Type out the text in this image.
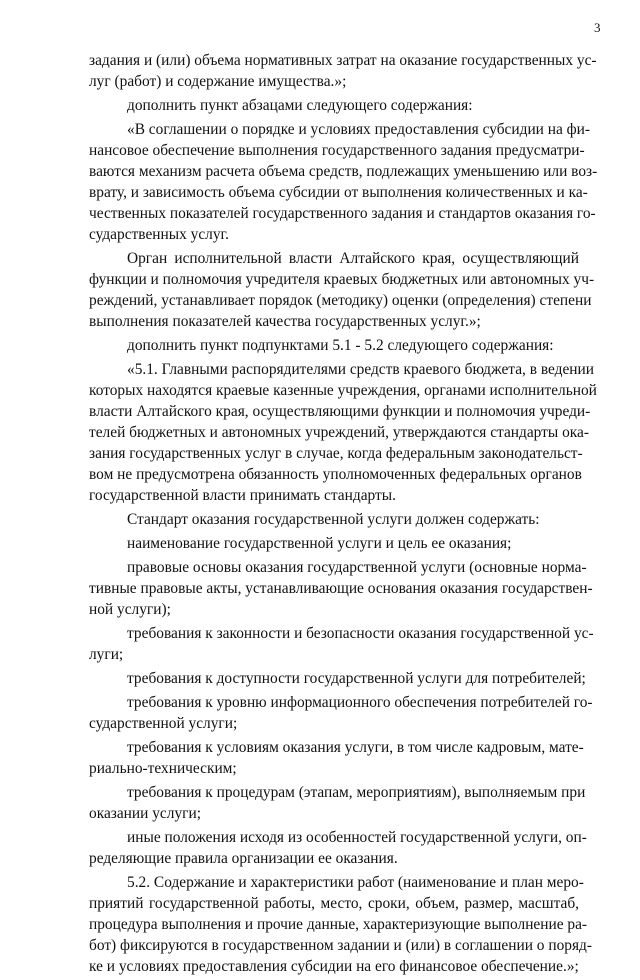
3
задания и (или) объема нормативных затрат на оказание государственных ус-
луг (работ) и содержание имущества.»;
дополнить пункт абзацами следующего содержания:
«В соглашении о порядке и условиях предоставления субсидии на фи-
нансовое обеспечение выполнения государственного задания предусматри-
ваются механизм расчета объема средств, подлежащих уменьшению или воз-
врату, и зависимость объема субсидии от выполнения количественных и ка-
чественных показателей государственного задания и стандартов оказания го-
сударственных услуг.
Орган исполнительной власти Алтайского края, осуществляющий
функции и полномочия учредителя краевых бюджетных или автономных уч-
реждений, устанавливает порядок (методику) оценки (определения) степени
выполнения показателей качества государственных услуг.»;
дополнить пункт подпунктами 5.1 - 5.2 следующего содержания:
«5.1. Главными распорядителями средств краевого бюджета, в ведении
которых находятся краевые казенные учреждения, органами исполнительной
власти Алтайского края, осуществляющими функции и полномочия учреди-
телей бюджетных и автономных учреждений, утверждаются стандарты ока-
зания государственных услуг в случае, когда федеральным законодательст-
вом не предусмотрена обязанность уполномоченных федеральных органов
государственной власти принимать стандарты.
Стандарт оказания государственной услуги должен содержать:
наименование государственной услуги и цель ее оказания;
правовые основы оказания государственной услуги (основные норма-
тивные правовые акты, устанавливающие основания оказания государствен-
ной услуги);
требования к законности и безопасности оказания государственной ус-
луги;
требования к доступности государственной услуги для потребителей;
требования к уровню информационного обеспечения потребителей го-
сударственной услуги;
требования к условиям оказания услуги, в том числе кадровым, мате-
риально-техническим;
требования к процедурам (этапам, мероприятиям), выполняемым при
оказании услуги;
иные положения исходя из особенностей государственной услуги, оп-
ределяющие правила организации ее оказания.
5.2. Содержание и характеристики работ (наименование и план меро-
приятий государственной работы, место, сроки, объем, размер, масштаб,
процедура выполнения и прочие данные, характеризующие выполнение ра-
бот) фиксируются в государственном задании и (или) в соглашении о поряд-
ке и условиях предоставления субсидии на его финансовое обеспечение.»;
